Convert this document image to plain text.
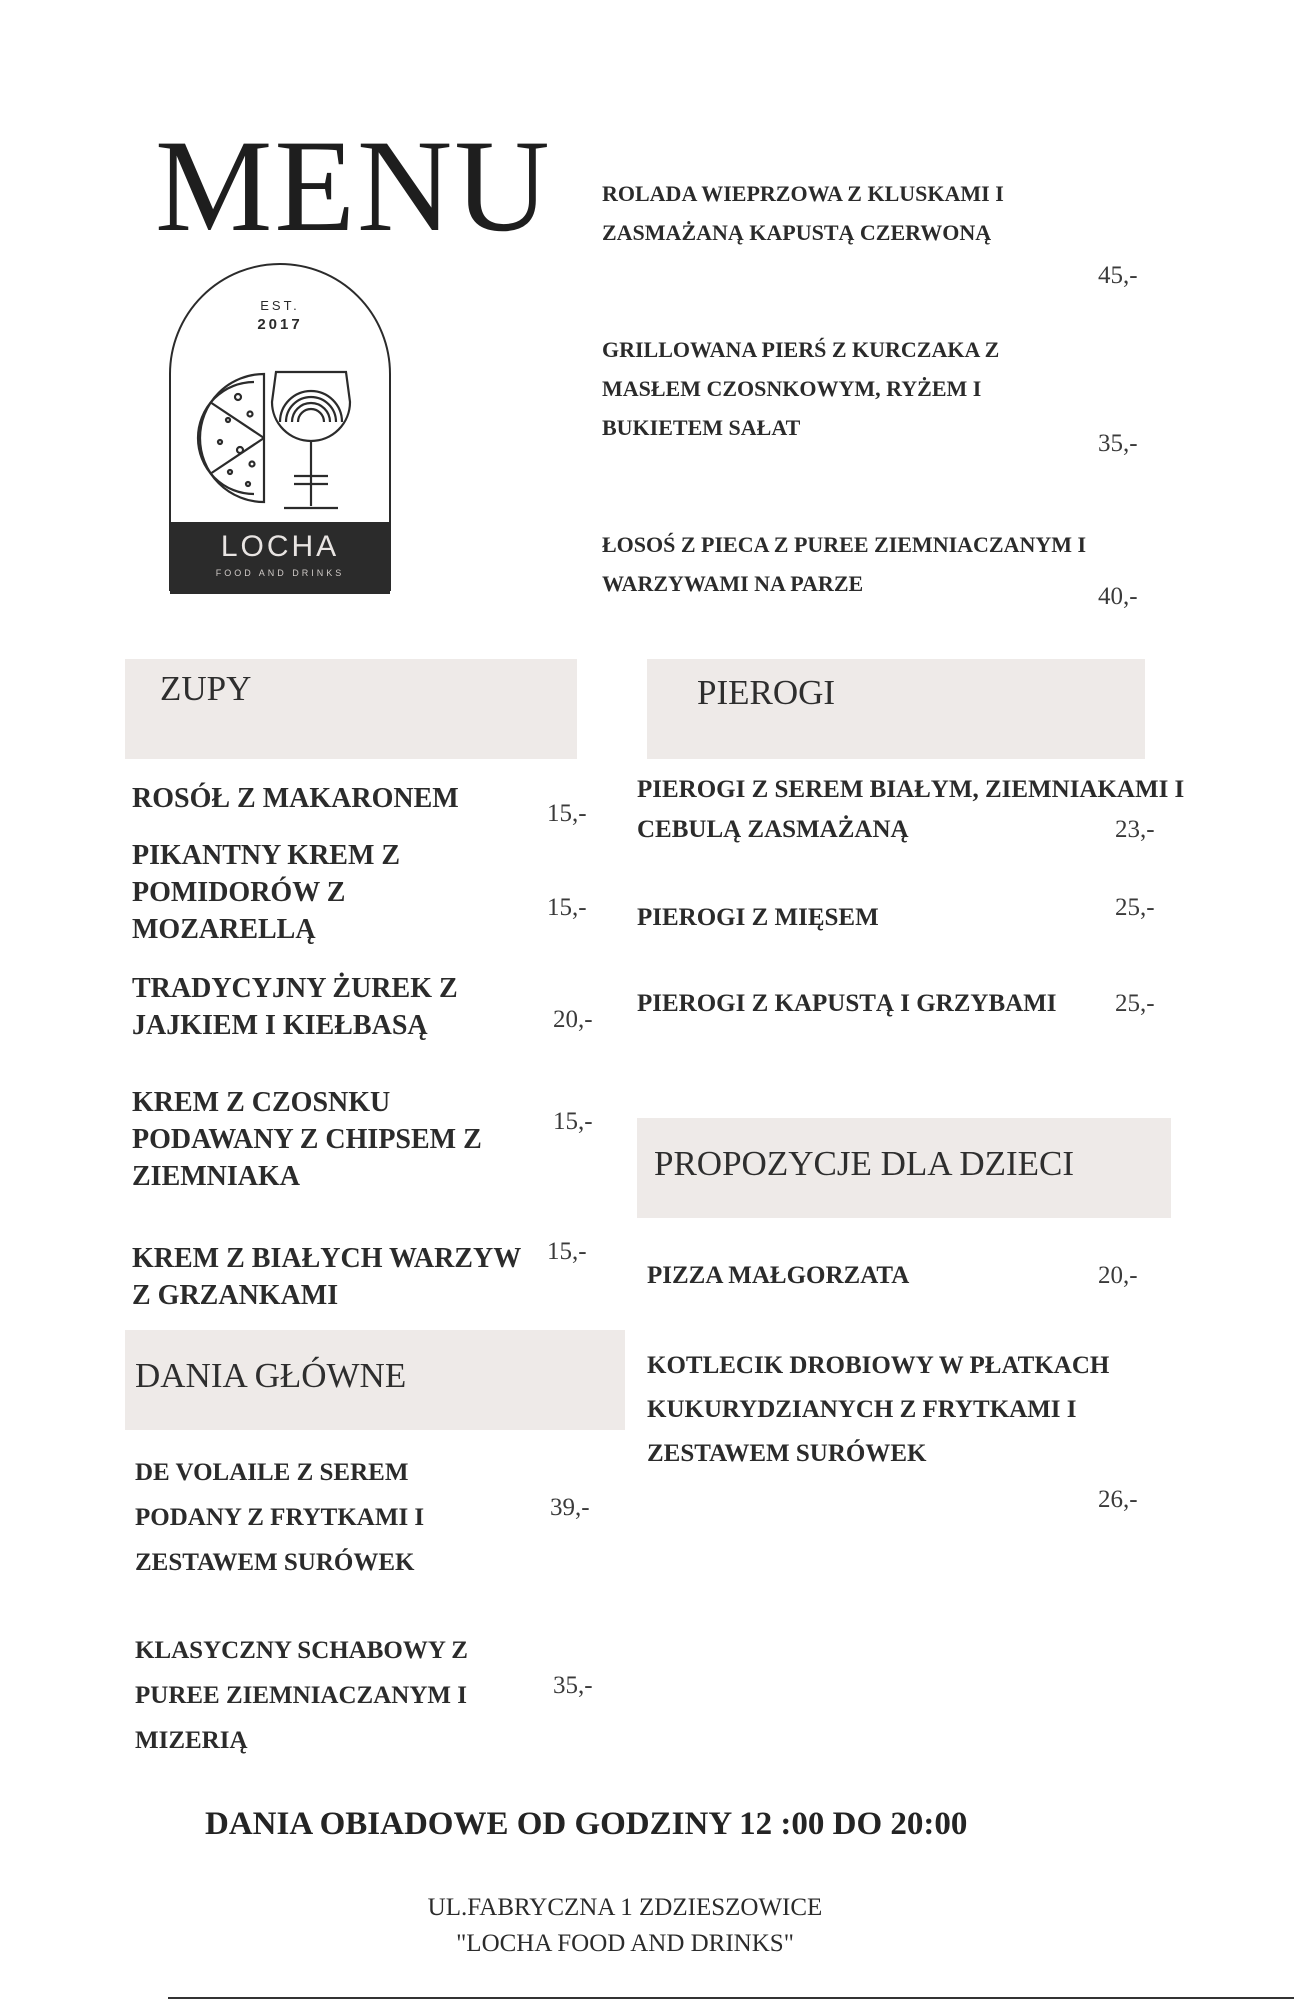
MENU
EST.
2017
LOCHA
FOOD AND DRINKS
ROLADA WIEPRZOWA Z KLUSKAMI I ZASMAŻANĄ KAPUSTĄ CZERWONĄ
45,-
GRILLOWANA PIERŚ Z KURCZAKA Z MASŁEM CZOSNKOWYM, RYŻEM I BUKIETEM SAŁAT
35,-
ŁOSOŚ Z PIECA Z PUREE ZIEMNIACZANYM I WARZYWAMI NA PARZE	40,-
ZUPY	PIEROGI
ROSÓŁ Z MAKARONEM	15,-
PIKANTNY KREM Z POMIDORÓW Z MOZARELLĄ
15,-
TRADYCYJNY ŻUREK Z JAJKIEM I KIEŁBASĄ	20,-
KREM Z CZOSNKU PODAWANY Z CHIPSEM Z ZIEMNIAKA
15,-
KREM Z BIAŁYCH WARZYW Z GRZANKAMI
15,-
PIEROGI Z SEREM BIAŁYM, ZIEMNIAKAMI I CEBULĄ ZASMAŻANĄ	23,-
PIEROGI Z MIĘSEM	25,-
PIEROGI Z KAPUSTĄ I GRZYBAMI 25,-
PROPOZYCJE DLA DZIECI
PIZZA MAŁGORZATA	20,-
KOTLECIK DROBIOWY W PŁATKACH KUKURYDZIANYCH Z FRYTKAMI I ZESTAWEM SURÓWEK
26,-
DANIA GŁÓWNE
DE VOLAILE Z SEREM PODANY Z FRYTKAMI I ZESTAWEM SURÓWEK
39,-
KLASYCZNY SCHABOWY Z PUREE ZIEMNIACZANYM I MIZERIĄ
35,-
DANIA OBIADOWE OD GODZINY 12 :00 DO 20:00
UL.FABRYCZNA 1 ZDZIESZOWICE
"LOCHA FOOD AND DRINKS"
